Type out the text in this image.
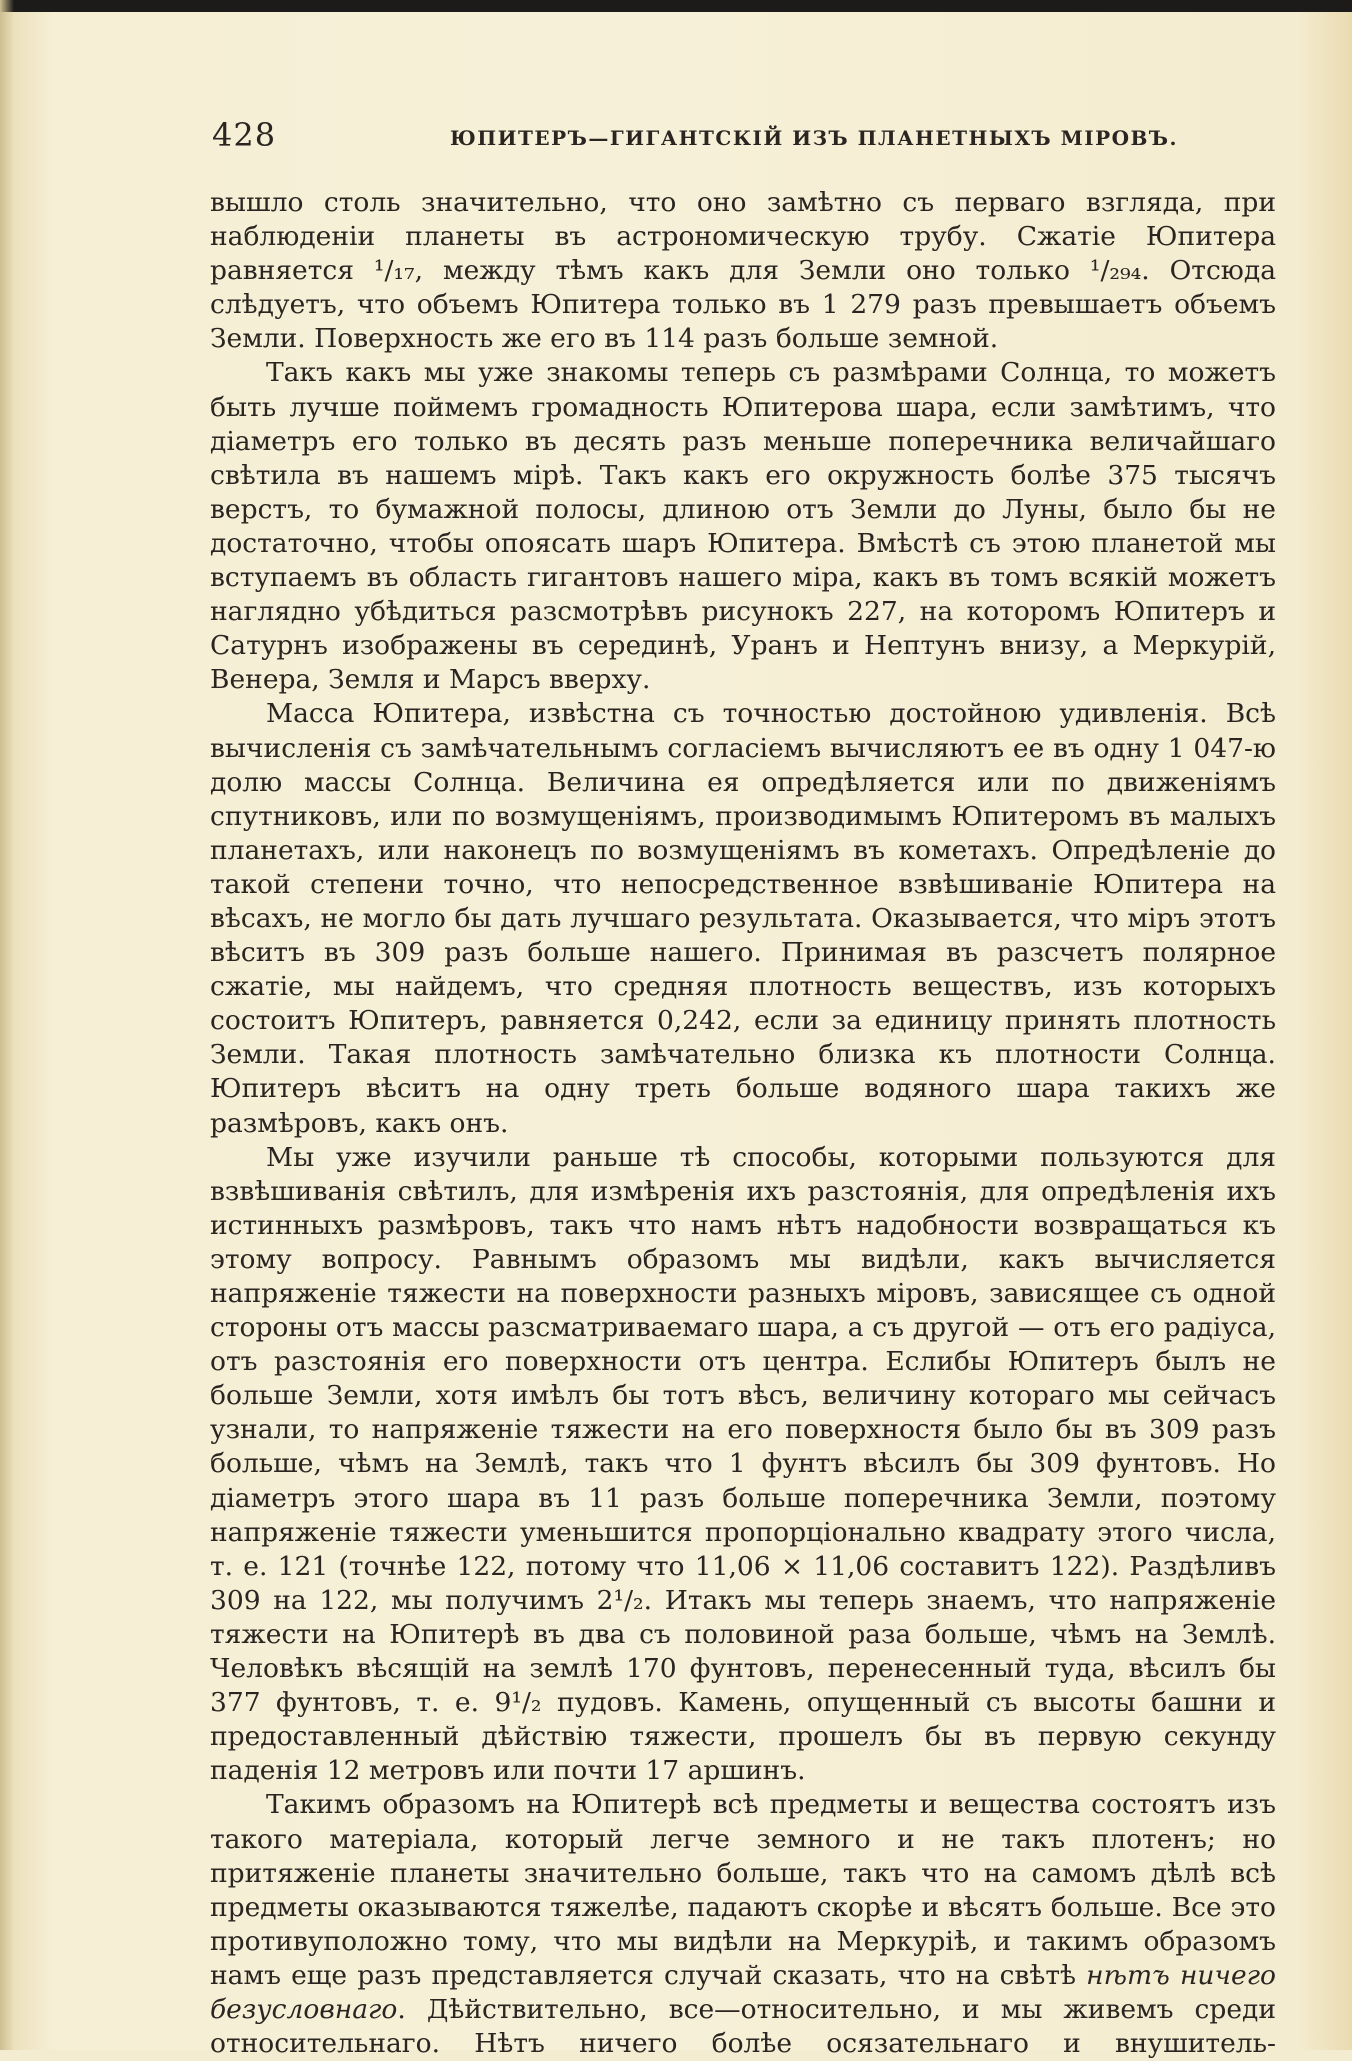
428	ЮПИТЕРЪ—ГИГАНТСКІЙ ИЗЪ ПЛАНЕТНЫХЪ МІРОВЪ.

вышло столь значительно, что оно замѣтно съ перваго взгляда, при наблюденіи планеты въ астрономическую трубу. Сжатіе Юпитера равняется ¹/₁₇, между тѣмъ какъ для Земли оно только ¹/₂₉₄. Отсюда слѣдуетъ, что объемъ Юпитера только въ 1 279 разъ превышаетъ объемъ Земли. Поверхность же его въ 114 разъ больше земной.

Такъ какъ мы уже знакомы теперь съ размѣрами Солнца, то можетъ быть лучше поймемъ громадность Юпитерова шара, если замѣтимъ, что діаметръ его только въ десять разъ меньше поперечника величайшаго свѣтила въ нашемъ мірѣ. Такъ какъ его окружность болѣе 375 тысячъ верстъ, то бумажной полосы, длиною отъ Земли до Луны, было бы не достаточно, чтобы опоясать шаръ Юпитера. Вмѣстѣ съ этою планетой мы вступаемъ въ область гигантовъ нашего міра, какъ въ томъ всякій можетъ наглядно убѣдиться разсмотрѣвъ рисунокъ 227, на которомъ Юпитеръ и Сатурнъ изображены въ серединѣ, Уранъ и Нептунъ внизу, а Меркурій, Венера, Земля и Марсъ вверху.

Масса Юпитера, извѣстна съ точностью достойною удивленія. Всѣ вычисленія съ замѣчательнымъ согласіемъ вычисляютъ ее въ одну 1 047-ю долю массы Солнца. Величина ея опредѣляется или по движеніямъ спутниковъ, или по возмущеніямъ, производимымъ Юпитеромъ въ малыхъ планетахъ, или наконецъ по возмущеніямъ въ кометахъ. Опредѣленіе до такой степени точно, что непосредственное взвѣшиваніе Юпитера на вѣсахъ, не могло бы дать лучшаго результата. Оказывается, что міръ этотъ вѣситъ въ 309 разъ больше нашего. Принимая въ разсчетъ полярное сжатіе, мы найдемъ, что средняя плотность веществъ, изъ которыхъ состоитъ Юпитеръ, равняется 0,242, если за единицу принять плотность Земли. Такая плотность замѣчательно близка къ плотности Солнца. Юпитеръ вѣситъ на одну треть больше водяного шара такихъ же размѣровъ, какъ онъ.

Мы уже изучили раньше тѣ способы, которыми пользуются для взвѣшиванія свѣтилъ, для измѣренія ихъ разстоянія, для опредѣленія ихъ истинныхъ размѣровъ, такъ что намъ нѣтъ надобности возвращаться къ этому вопросу. Равнымъ образомъ мы видѣли, какъ вычисляется напряженіе тяжести на поверхности разныхъ міровъ, зависящее съ одной стороны отъ массы разсматриваемаго шара, а съ другой — отъ его радіуса, отъ разстоянія его поверхности отъ центра. Еслибы Юпитеръ былъ не больше Земли, хотя имѣлъ бы тотъ вѣсъ, величину котораго мы сейчасъ узнали, то напряженіе тяжести на его поверхностя было бы въ 309 разъ больше, чѣмъ на Землѣ, такъ что 1 фунтъ вѣсилъ бы 309 фунтовъ. Но діаметръ этого шара въ 11 разъ больше поперечника Земли, поэтому напряженіе тяжести уменьшится пропорціонально квадрату этого числа, т. е. 121 (точнѣе 122, потому что 11,06 × 11,06 составитъ 122). Раздѣливъ 309 на 122, мы получимъ 2¹/₂. Итакъ мы теперь знаемъ, что напряженіе тяжести на Юпитерѣ въ два съ половиной раза больше, чѣмъ на Землѣ. Человѣкъ вѣсящій на землѣ 170 фунтовъ, перенесенный туда, вѣсилъ бы 377 фунтовъ, т. е. 9¹/₂ пудовъ. Камень, опущенный съ высоты башни и предоставленный дѣйствію тяжести, прошелъ бы въ первую секунду паденія 12 метровъ или почти 17 аршинъ.

Такимъ образомъ на Юпитерѣ всѣ предметы и вещества состоятъ изъ такого матеріала, который легче земного и не такъ плотенъ; но притяженіе планеты значительно больше, такъ что на самомъ дѣлѣ всѣ предметы оказываются тяжелѣе, падаютъ скорѣе и вѣсятъ больше. Все это противуположно тому, что мы видѣли на Меркуріѣ, и такимъ образомъ намъ еще разъ представляется случай сказать, что на свѣтѣ нѣтъ ничего безусловнаго. Дѣйствительно, все—относительно, и мы живемъ среди относительнаго. Нѣтъ ничего болѣе осязательнаго и внушитель-
